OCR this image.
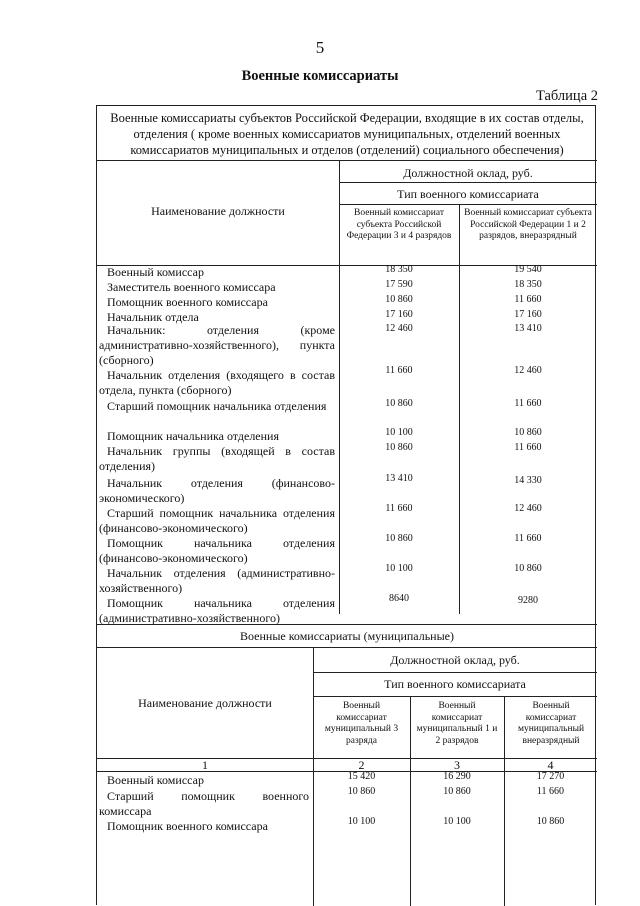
5
Военные комиссариаты
Таблица 2
Военные комиссариаты субъектов Российской Федерации, входящие в их состав отделы, отделения ( кроме военных комиссариатов муниципальных, отделений военных комиссариатов муниципальных и отделов (отделений) социального обеспечения)
Наименование должности
Должностной оклад, руб.
Тип военного комиссариата
Военный комиссариат субъекта Российской Федерации 3 и 4 разрядов
Военный комиссариат субъекта Российской Федерации 1 и 2 разрядов, внеразрядный
Военный комиссар	18 350	19 540
Заместитель военного комиссара	17 590	18 350
Помощник военного комиссара	10 860	11 660
Начальник отдела	17 160	17 160
Начальник: отделения (кроме административно-хозяйственного), пункта (сборного)
12 460	13 410
Начальник отделения (входящего в состав отдела, пункта (сборного)
11 660	12 460
Старший помощник начальника отделения	10 860	11 660
Помощник начальника отделения	10 100	10 860
Начальник группы (входящей в состав отделения)
10 860	11 660
Начальник отделения (финансово-экономического)
13 410	14 330
Старший помощник начальника отделения (финансово-экономического)
11 660	12 460
Помощник начальника отделения (финансово-экономического)
10 860	11 660
Начальник отделения (административно-хозяйственного)
10 100	10 860
Помощник начальника отделения (административно-хозяйственного)
8640	9280
Военные комиссариаты (муниципальные)
Наименование должности
Должностной оклад, руб.
Тип военного комиссариата
Военный комиссариат муниципальный 3 разряда
Военный комиссариат муниципальный 1 и 2 разрядов
Военный комиссариат муниципальный внеразрядный
1	2	3	4
Военный комиссар	15 420	16 290	17 270
Старший помощник военного комиссара
10 860	10 860	11 660
Помощник военного комиссара	10 100	10 100	10 860
